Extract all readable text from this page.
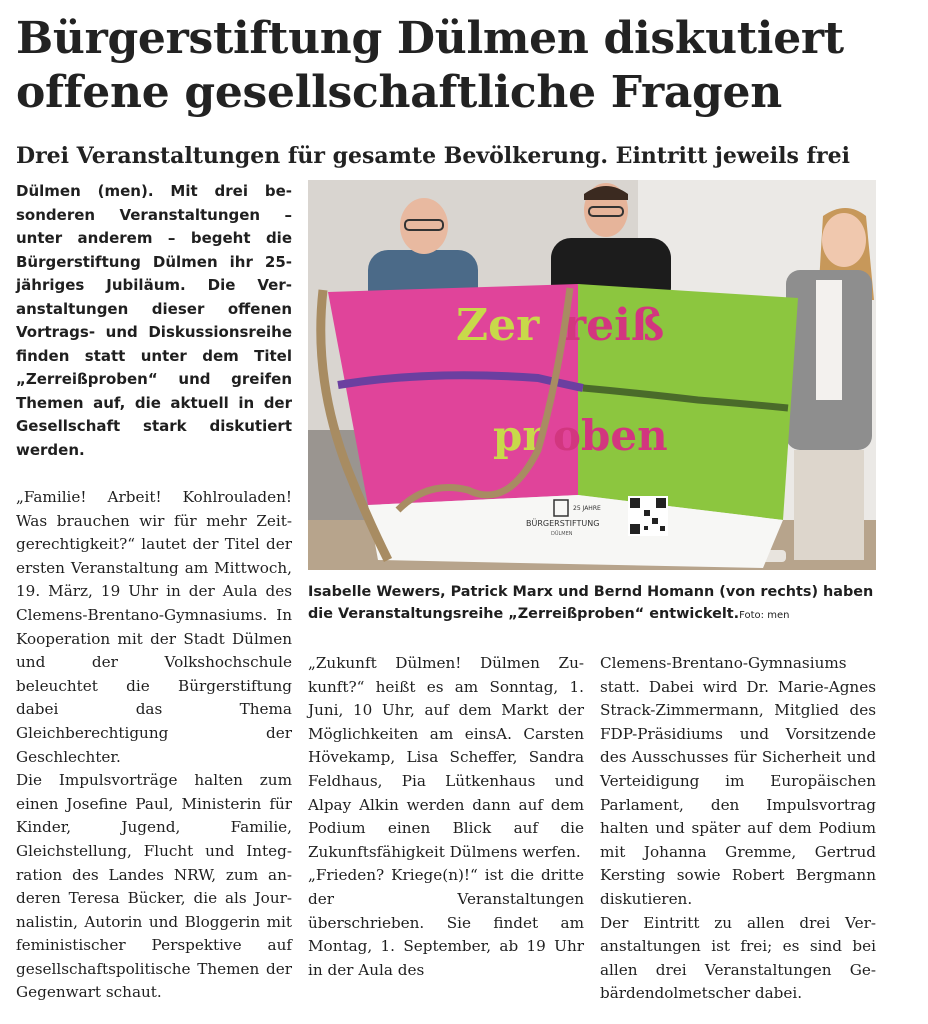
Bürgerstiftung Dülmen diskutiert
offene gesellschaftliche Fragen
Drei Veranstaltungen für gesamte Bevölkerung. Eintritt jeweils frei
Dülmen (men). Mit drei besonderen Veranstaltungen – unter anderem – begeht die Bürgerstiftung Dülmen ihr 25-jähriges Jubiläum. Die Veranstaltungen dieser offenen Vortrags- und Diskussionsreihe finden statt unter dem Titel „Zerreißproben“ und greifen Themen auf, die aktuell in der Gesellschaft stark diskutiert werden.
Zer reiß
pr oben
25 JAHRE
BÜRGERSTIFTUNG
DÜLMEN
Isabelle Wewers, Patrick Marx und Bernd Homann (von rechts) haben die Veranstaltungsreihe „Zerreißproben“ entwickelt.Foto: men

„Familie! Arbeit! Kohlrouladen! Was brauchen wir für mehr Zeitgerechtigkeit?“ lautet der Titel der ersten Veranstaltung am Mittwoch, 19. März, 19 Uhr in der Aula des Clemens-Brentano-Gymnasiums. In Kooperation mit der Stadt Dülmen und der Volkshochschule beleuchtet die Bürgerstiftung dabei das Thema Gleichberechtigung der Geschlechter.

Die Impulsvorträge halten zum einen Josefine Paul, Ministerin für Kinder, Jugend, Familie, Gleichstellung, Flucht und Integration des Landes NRW, zum anderen Teresa Bücker, die als Journalistin, Autorin und Bloggerin mit feministischer Perspektive auf gesellschaftspolitische Themen der Gegenwart schaut.

„Zukunft Dülmen! Dülmen Zukunft?“ heißt es am Sonntag, 1. Juni, 10 Uhr, auf dem Markt der Möglichkeiten am einsA. Carsten Hövekamp, Lisa Scheffer, Sandra Feldhaus, Pia Lütkenhaus und Alpay Alkin werden dann auf dem Podium einen Blick auf die Zukunftsfähigkeit Dülmens werfen.

„Frieden? Kriege(n)!“ ist die dritte der Veranstaltungen überschrieben. Sie findet am Montag, 1. September, ab 19 Uhr in der Aula des

Clemens-Brentano-Gymnasiums statt. Dabei wird Dr. Marie-Agnes Strack-Zimmermann, Mitglied des FDP-Präsidiums und Vorsitzende des Ausschusses für Sicherheit und Verteidigung im Europäischen Parlament, den Impulsvortrag halten und später auf dem Podium mit Johanna Gremme, Gertrud Kersting sowie Robert Bergmann diskutieren.

Der Eintritt zu allen drei Veranstaltungen ist frei; es sind bei allen drei Veranstaltungen Gebärdendolmetscher dabei.
